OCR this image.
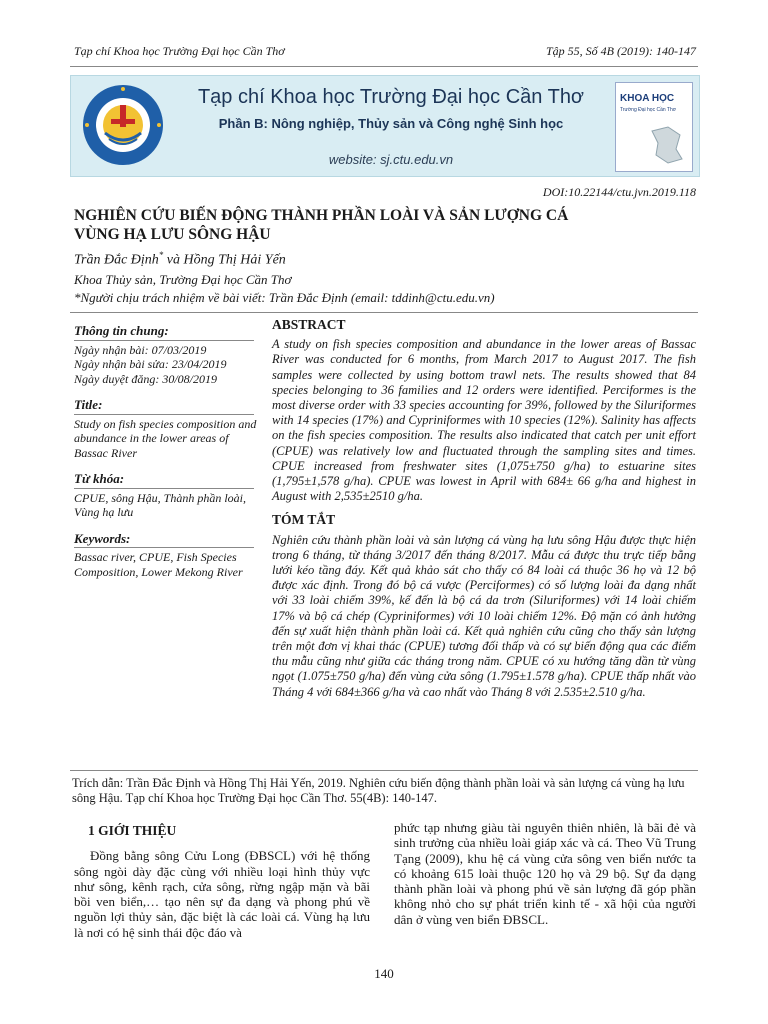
Tạp chí Khoa học Trường Đại học Cần Thơ	Tập 55, Số 4B (2019): 140-147
Tạp chí Khoa học Trường Đại học Cần Thơ
Phần B: Nông nghiệp, Thủy sản và Công nghệ Sinh học
website: sj.ctu.edu.vn
KHOA HỌC
Trường Đại học Cần Thơ
DOI:10.22144/ctu.jvn.2019.118
NGHIÊN CỨU BIẾN ĐỘNG THÀNH PHẦN LOÀI VÀ SẢN LƯỢNG CÁ
VÙNG HẠ LƯU SÔNG HẬU
Trần Đắc Định* và Hồng Thị Hải Yến
Khoa Thủy sản, Trường Đại học Cần Thơ
*Người chịu trách nhiệm về bài viết: Trần Đắc Định (email: tddinh@ctu.edu.vn)
Thông tin chung:
Ngày nhận bài: 07/03/2019
Ngày nhận bài sửa: 23/04/2019
Ngày duyệt đăng: 30/08/2019
Title:
Study on fish species composition and abundance in the lower areas of Bassac River
Từ khóa:
CPUE, sông Hậu, Thành phần loài, Vùng hạ lưu
Keywords:
Bassac river, CPUE, Fish Species Composition, Lower Mekong River
ABSTRACT

A study on fish species composition and abundance in the lower areas of Bassac River was conducted for 6 months, from March 2017 to August 2017. The fish samples were collected by using bottom trawl nets. The results showed that 84 species belonging to 36 families and 12 orders were identified. Perciformes is the most diverse order with 33 species accounting for 39%, followed by the Siluriformes with 14 species (17%) and Cypriniformes with 10 species (12%). Salinity has affects on the fish species composition. The results also indicated that catch per unit effort (CPUE) was relatively low and fluctuated through the sampling sites and times. CPUE increased from freshwater sites (1,075±750 g/ha) to estuarine sites (1,795±1,578 g/ha). CPUE was lowest in April with 684± 66 g/ha and highest in August with 2,535±2510 g/ha.

TÓM TẮT

Nghiên cứu thành phần loài và sản lượng cá vùng hạ lưu sông Hậu được thực hiện trong 6 tháng, từ tháng 3/2017 đến tháng 8/2017. Mẫu cá được thu trực tiếp bằng lưới kéo tầng đáy. Kết quả khảo sát cho thấy có 84 loài cá thuộc 36 họ và 12 bộ được xác định. Trong đó bộ cá vược (Perciformes) có số lượng loài đa dạng nhất với 33 loài chiếm 39%, kế đến là bộ cá da trơn (Siluriformes) với 14 loài chiếm 17% và bộ cá chép (Cypriniformes) với 10 loài chiếm 12%. Độ mặn có ảnh hưởng đến sự xuất hiện thành phần loài cá. Kết quả nghiên cứu cũng cho thấy sản lượng trên một đơn vị khai thác (CPUE) tương đối thấp và có sự biến động qua các điểm thu mẫu cũng như giữa các tháng trong năm. CPUE có xu hướng tăng dần từ vùng ngọt (1.075±750 g/ha) đến vùng cửa sông (1.795±1.578 g/ha). CPUE thấp nhất vào Tháng 4 với 684±366 g/ha và cao nhất vào Tháng 8 với 2.535±2.510 g/ha.

Trích dẫn: Trần Đắc Định và Hồng Thị Hải Yến, 2019. Nghiên cứu biến động thành phần loài và sản lượng cá vùng hạ lưu sông Hậu. Tạp chí Khoa học Trường Đại học Cần Thơ. 55(4B): 140-147.
1 GIỚI THIỆU

Đồng bằng sông Cửu Long (ĐBSCL) với hệ thống sông ngòi dày đặc cùng với nhiều loại hình thủy vực như sông, kênh rạch, cửa sông, rừng ngập mặn và bãi bồi ven biển,… tạo nên sự đa dạng và phong phú về nguồn lợi thủy sản, đặc biệt là các loài cá. Vùng hạ lưu là nơi có hệ sinh thái độc đáo và

phức tạp nhưng giàu tài nguyên thiên nhiên, là bãi đẻ và sinh trưởng của nhiều loài giáp xác và cá. Theo Vũ Trung Tạng (2009), khu hệ cá vùng cửa sông ven biển nước ta có khoảng 615 loài thuộc 120 họ và 29 bộ. Sự đa dạng thành phần loài và phong phú về sản lượng đã góp phần không nhỏ cho sự phát triển kinh tế - xã hội của người dân ở vùng ven biển ĐBSCL.

140
